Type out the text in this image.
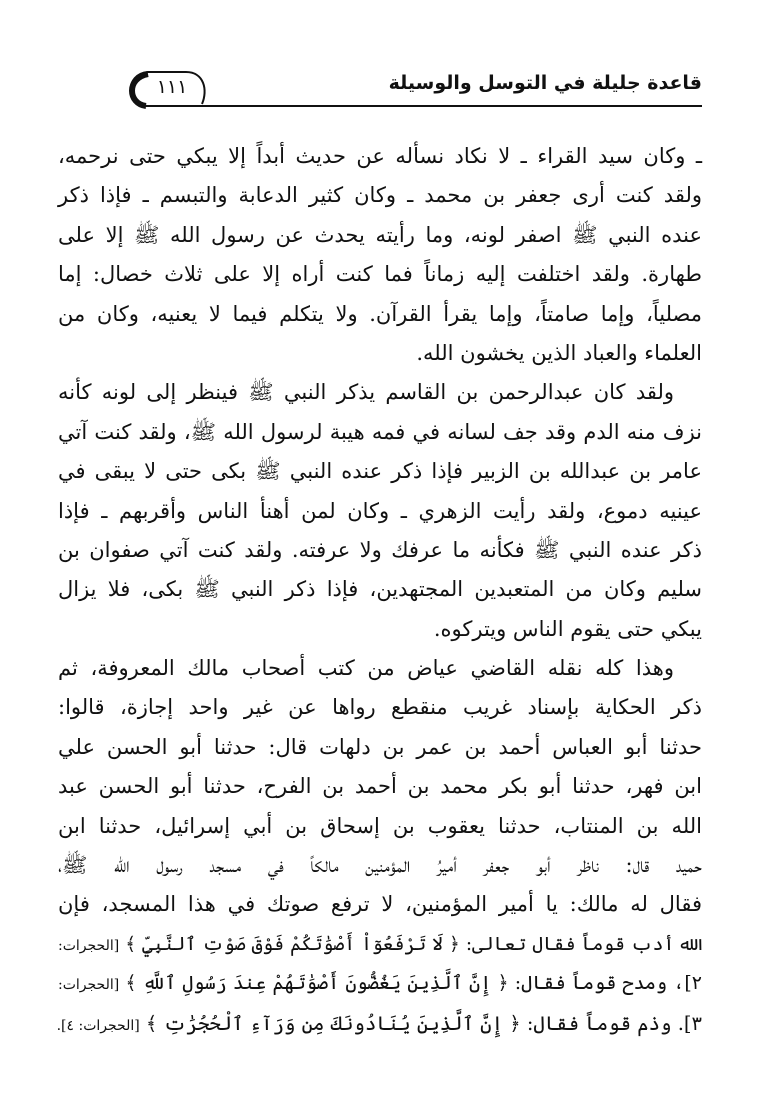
قاعدة جليلة في التوسل والوسيلة
١١١
ـ وكان سيد القراء ـ لا نكاد نسأله عن حديث أبداً إلا يبكي حتى نرحمه،
ولقد كنت أرى جعفر بن محمد ـ وكان كثير الدعابة والتبسم ـ فإذا ذكر
عنده النبي ﷺ اصفر لونه، وما رأيته يحدث عن رسول الله ﷺ إلا على
طهارة. ولقد اختلفت إليه زماناً فما كنت أراه إلا على ثلاث خصال: إما
مصلياً، وإما صامتاً، وإما يقرأ القرآن. ولا يتكلم فيما لا يعنيه، وكان من
العلماء والعباد الذين يخشون الله.
ولقد كان عبدالرحمن بن القاسم يذكر النبي ﷺ فينظر إلى لونه كأنه
نزف منه الدم وقد جف لسانه في فمه هيبة لرسول الله ﷺ، ولقد كنت آتي
عامر بن عبدالله بن الزبير فإذا ذكر عنده النبي ﷺ بكى حتى لا يبقى في
عينيه دموع، ولقد رأيت الزهري ـ وكان لمن أهنأ الناس وأقربهم ـ فإذا
ذكر عنده النبي ﷺ فكأنه ما عرفك ولا عرفته. ولقد كنت آتي صفوان بن
سليم وكان من المتعبدين المجتهدين، فإذا ذكر النبي ﷺ بكى، فلا يزال
يبكي حتى يقوم الناس ويتركوه.
وهذا كله نقله القاضي عياض من كتب أصحاب مالك المعروفة، ثم
ذكر الحكاية بإسناد غريب منقطع رواها عن غير واحد إجازة، قالوا:
حدثنا أبو العباس أحمد بن عمر بن دلهات قال: حدثنا أبو الحسن علي
ابن فهر، حدثنا أبو بكر محمد بن أحمد بن الفرح، حدثنا أبو الحسن عبد
الله بن المنتاب، حدثنا يعقوب بن إسحاق بن أبي إسرائيل، حدثنا ابن
حميد قال: ناظر أبو جعفر أميرُ المؤمنين مالكاً في مسجد رسول الله ﷺ،
فقال له مالك: يا أمير المؤمنين، لا ترفع صوتك في هذا المسجد، فإن
الله أدب قوماً فقال تعالى: ﴿ لَا تَرْفَعُوٓاْ أَصْوَٰتَكُمْ فَوْقَ صَوْتِ ٱلنَّبِيِّ ﴾ [الحجرات:
٢]، ومدح قوماً فقال: ﴿ إِنَّ ٱلَّذِينَ يَغُضُّونَ أَصْوَٰتَهُمْ عِندَ رَسُولِ ٱللَّهِ ﴾ [الحجرات:
٣]. وذم قوماً فقال: ﴿ إِنَّ ٱلَّذِينَ يُنَادُونَكَ مِن وَرَآءِ ٱلْحُجُرَٰتِ ﴾ [الحجرات: ٤].
